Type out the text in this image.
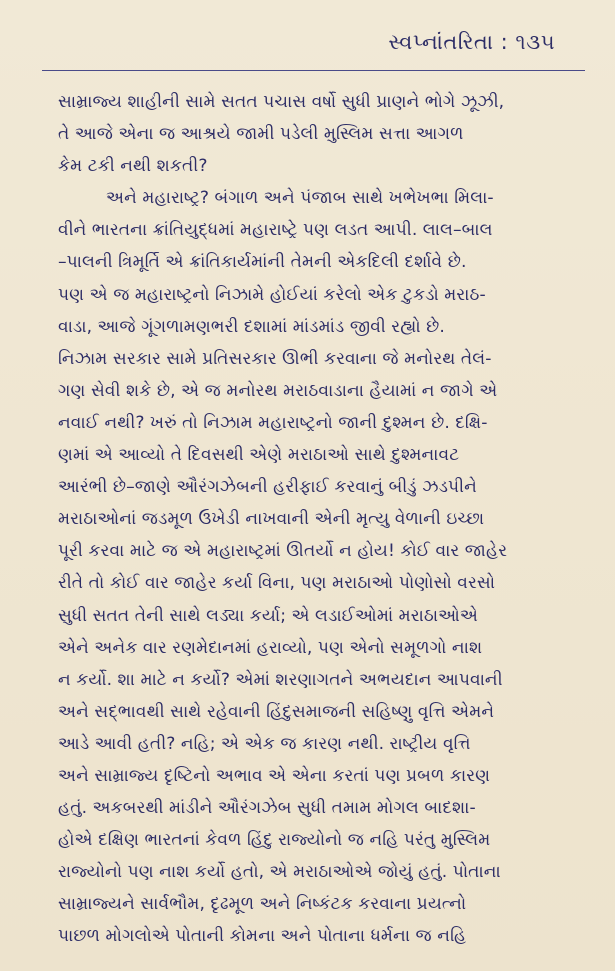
સ્વપ્નાંતરિતા : ૧૩૫

સામ્રાજ્ય શાહીની સામે સતત પચાસ વર્ષો સુધી પ્રાણને ભોગે ઝૂઝી,
તે આજે એના જ આશ્રયે જામી પડેલી મુસ્લિમ સત્તા આગળ
કેમ ટકી નથી શકતી?

અને મહારાષ્ટ્ર? બંગાળ અને પંજાબ સાથે ખભેખભા મિલા-
વીને ભારતના ક્રાંતિયુદ્ધમાં મહારાષ્ટ્રે પણ લડત આપી. લાલ–બાલ
–પાલની ત્રિમૂર્તિ એ ક્રાંતિકાર્યમાંની તેમની એકદિલી દર્શાવે છે.
પણ એ જ મહારાષ્ટ્રનો નિઝામે હોઈયાં કરેલો એક ટુકડો મરાઠ-
વાડા, આજે ગૂંગળામણભરી દશામાં માંડમાંડ જીવી રહ્યો છે.
નિઝામ સરકાર સામે પ્રતિસરકાર ઊભી કરવાના જે મનોરથ તેલં-
ગણ સેવી શકે છે, એ જ મનોરથ મરાઠવાડાના હૈયામાં ન જાગે એ
નવાઈ નથી? ખરું તો નિઝામ મહારાષ્ટ્રનો જાની દુશ્મન છે. દક્ષિ-
ણમાં એ આવ્યો તે દિવસથી એણે મરાઠાઓ સાથે દુશ્મનાવટ
આરંભી છે–જાણે ઔરંગઝેબની હરીફાઈ કરવાનું બીડું ઝડપીને
મરાઠાઓનાં જડમૂળ ઉખેડી નાખવાની એની મૃત્યુ વેળાની ઇચ્છા
પૂરી કરવા માટે જ એ મહારાષ્ટ્રમાં ઊતર્યો ન હોય! કોઈ વાર જાહેર
રીતે તો કોઈ વાર જાહેર કર્યા વિના, પણ મરાઠાઓ પોણોસો વરસો
સુધી સતત તેની સાથે લડ્યા કર્યા; એ લડાઈઓમાં મરાઠાઓએ
એને અનેક વાર રણમેદાનમાં હરાવ્યો, પણ એનો સમૂળગો નાશ
ન કર્યો. શા માટે ન કર્યો? એમાં શરણાગતને અભયદાન આપવાની
અને સદ્ભાવથી સાથે રહેવાની હિંદુસમાજની સહિષ્ણુ વૃત્તિ એમને
આડે આવી હતી? નહિ; એ એક જ કારણ નથી. રાષ્ટ્રીય વૃત્તિ
અને સામ્રાજ્ય દૃષ્ટિનો અભાવ એ એના કરતાં પણ પ્રબળ કારણ
હતું. અકબરથી માંડીને ઔરંગઝેબ સુધી તમામ મોગલ બાદશા-
હોએ દક્ષિણ ભારતનાં કેવળ હિંદુ રાજ્યોનો જ નહિ પરંતુ મુસ્લિમ
રાજ્યોનો પણ નાશ કર્યો હતો, એ મરાઠાઓએ જોયું હતું. પોતાના
સામ્રાજ્યને સાર્વભૌમ, દૃઢમૂળ અને નિષ્કંટક કરવાના પ્રયત્નો
પાછળ મોગલોએ પોતાની કોમના અને પોતાના ધર્મના જ નહિ
